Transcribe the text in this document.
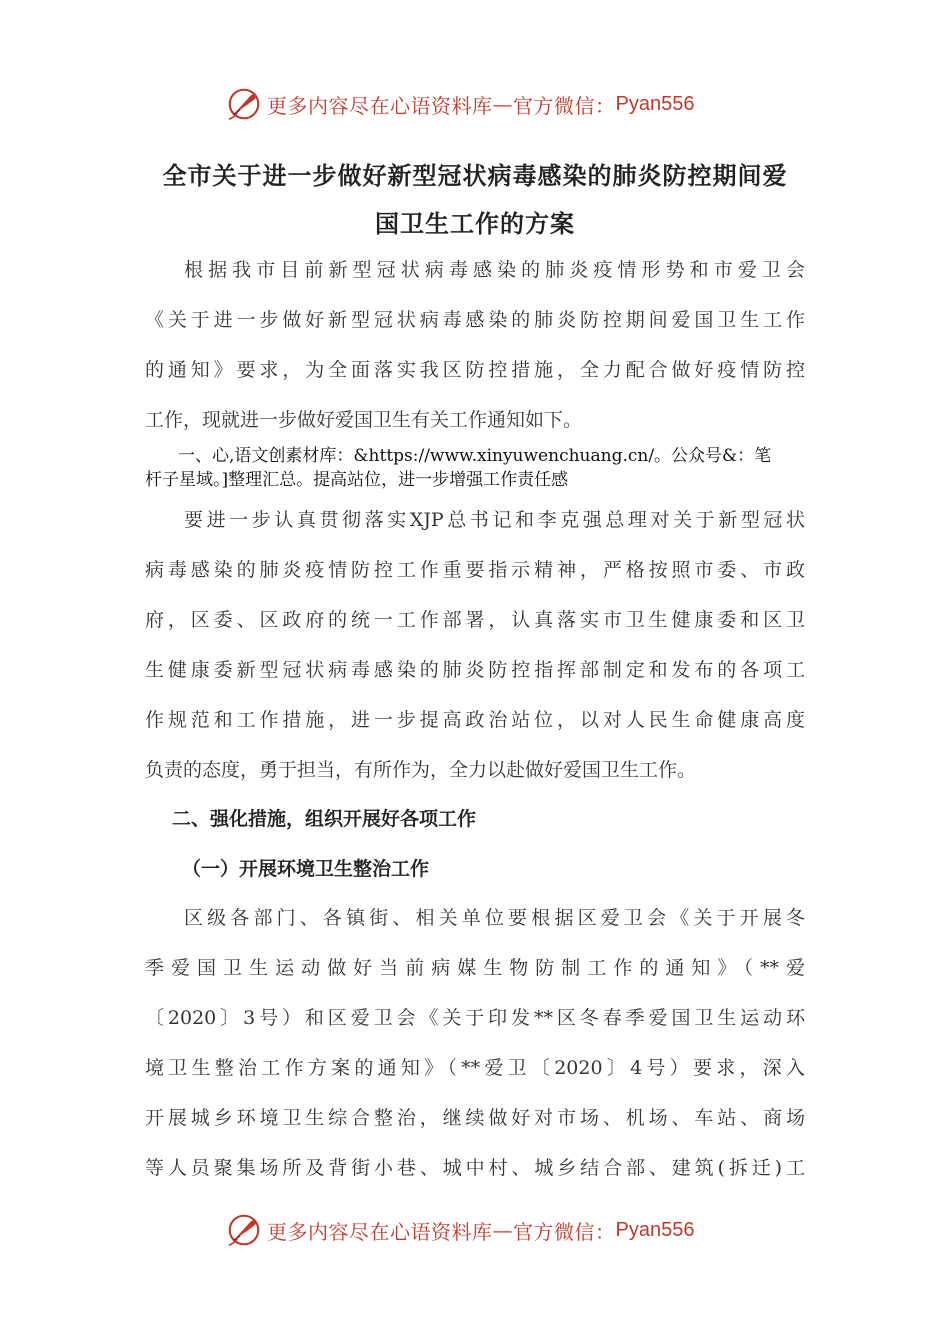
更多内容尽在心语资料库 — 官方微信： Pyan556
全市关于进一步做好新型冠状病毒感染的肺炎防控期间爱
国卫生工作的方案
根据我市目前新型冠状病毒感染的肺炎疫情形势和市爱卫会
《关于进一步做好新型冠状病毒感染的肺炎防控期间爱国卫生工作
的通知》要求，为全面落实我区防控措施，全力配合做好疫情防控
工作，现就进一步做好爱国卫生有关工作通知如下。
一、心,语文创素材库：&https://www.xinyuwenchuang.cn/。公众号&：笔
杆子星域。]整理汇总。提高站位，进一步增强工作责任感
要进一步认真贯彻落实XJP总书记和李克强总理对关于新型冠状
病毒感染的肺炎疫情防控工作重要指示精神，严格按照市委、市政
府，区委、区政府的统一工作部署，认真落实市卫生健康委和区卫
生健康委新型冠状病毒感染的肺炎防控指挥部制定和发布的各项工
作规范和工作措施，进一步提高政治站位，以对人民生命健康高度
负责的态度，勇于担当，有所作为，全力以赴做好爱国卫生工作。
二、强化措施，组织开展好各项工作
（一）开展环境卫生整治工作
区级各部门、各镇街、相关单位要根据区爱卫会《关于开展冬
季爱国卫生运动做好当前病媒生物防制工作的通知》（**爱
〔2020〕3号）和区爱卫会《关于印发**区冬春季爱国卫生运动环
境卫生整治工作方案的通知》（**爱卫〔2020〕4号）要求，深入
开展城乡环境卫生综合整治，继续做好对市场、机场、车站、商场
等人员聚集场所及背街小巷、城中村、城乡结合部、建筑(拆迁)工
更多内容尽在心语资料库 — 官方微信： Pyan556
